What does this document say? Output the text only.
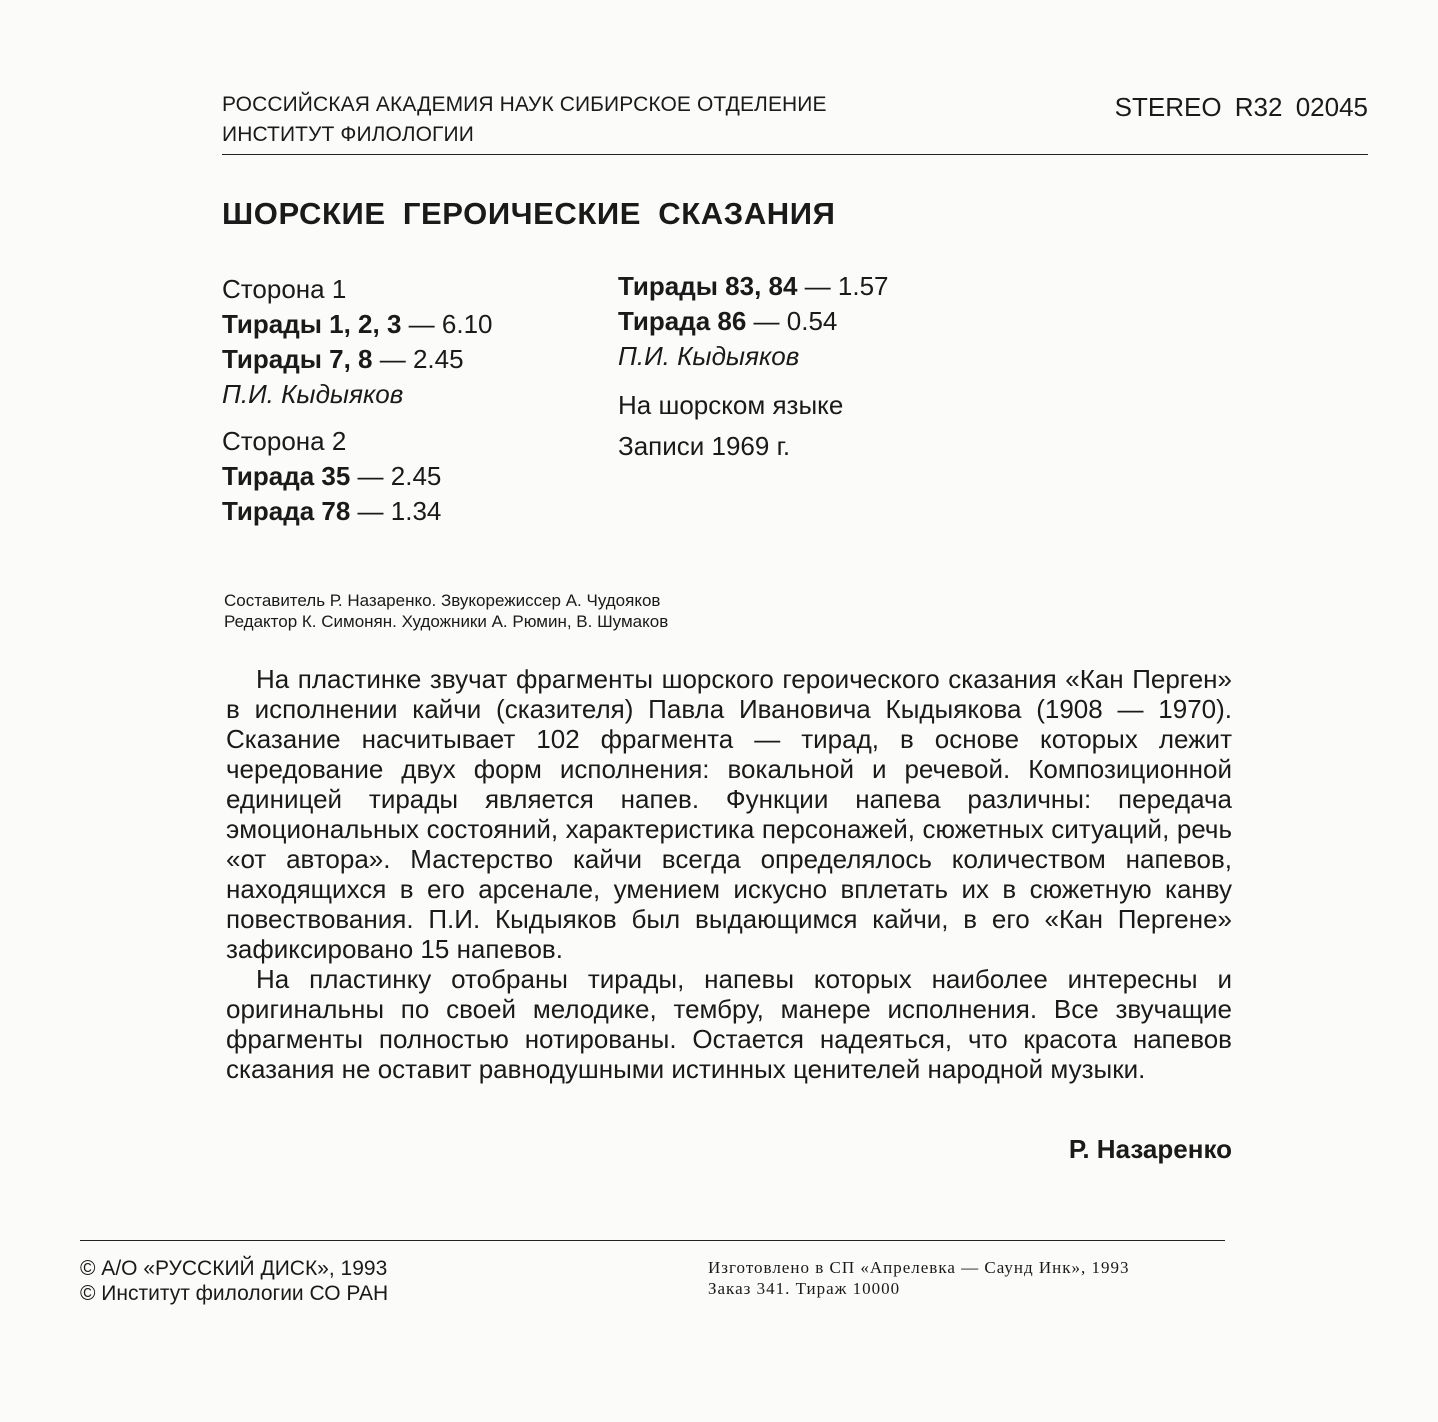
РОССИЙСКАЯ АКАДЕМИЯ НАУК СИБИРСКОЕ ОТДЕЛЕНИЕ
ИНСТИТУТ ФИЛОЛОГИИ
STEREO R32 02045
ШОРСКИЕ ГЕРОИЧЕСКИЕ СКАЗАНИЯ
Сторона 1
Тирады 1, 2, 3 — 6.10
Тирады 7, 8 — 2.45
П.И. Кыдыяков
Сторона 2
Тирада 35 — 2.45
Тирада 78 — 1.34
Тирады 83, 84 — 1.57
Тирада 86 — 0.54
П.И. Кыдыяков
На шорском языке
Записи 1969 г.
Составитель Р. Назаренко. Звукорежиссер А. Чудояков
Редактор К. Симонян. Художники А. Рюмин, В. Шумаков

На пластинке звучат фрагменты шорского героического сказания «Кан Перген» в исполнении кайчи (сказителя) Павла Ивановича Кыдыякова (1908 — 1970). Сказание насчитывает 102 фрагмента — тирад, в основе которых лежит чередование двух форм исполнения: вокальной и речевой. Композиционной единицей тирады является напев. Функции напева различны: передача эмоциональных состояний, характеристика персонажей, сюжетных ситуаций, речь «от автора». Мастерство кайчи всегда определялось количеством напевов, находящихся в его арсенале, умением искусно вплетать их в сюжетную канву повествования. П.И. Кыдыяков был выдающимся кайчи, в его «Кан Пергене» зафиксировано 15 напевов.

На пластинку отобраны тирады, напевы которых наиболее интересны и оригинальны по своей мелодике, тембру, манере исполнения. Все звучащие фрагменты полностью нотированы. Остается надеяться, что красота напевов сказания не оставит равнодушными истинных ценителей народной музыки.

Р. Назаренко
© А/О «РУССКИЙ ДИСК», 1993
© Институт филологии СО РАН
Изготовлено в СП «Апрелевка — Саунд Инк», 1993
Заказ 341. Тираж 10000
